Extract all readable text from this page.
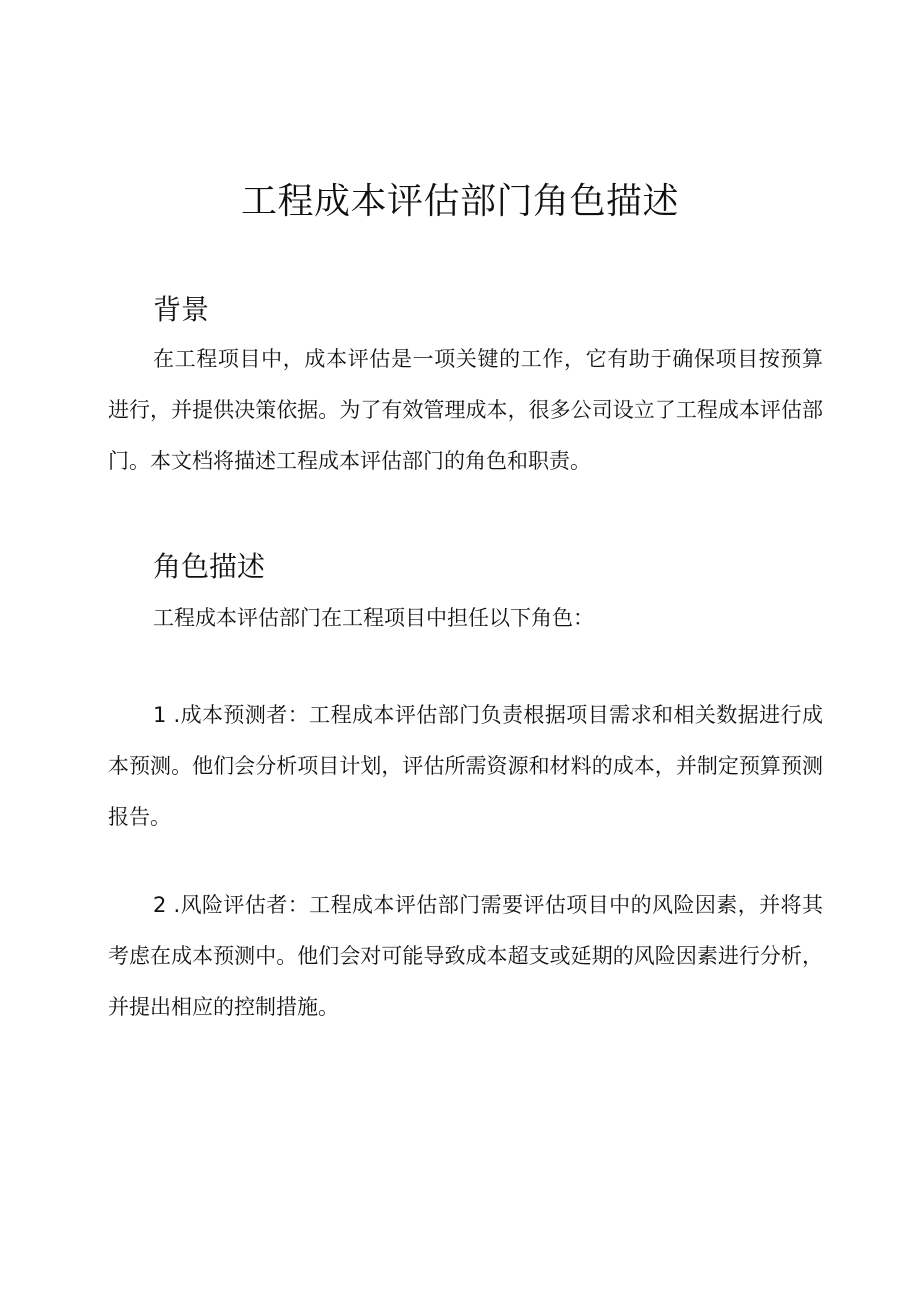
工程成本评估部门角色描述
背景

在工程项目中，成本评估是一项关键的工作，它有助于确保项目按预算进行，并提供决策依据。为了有效管理成本，很多公司设立了工程成本评估部门。本文档将描述工程成本评估部门的角色和职责。

角色描述

工程成本评估部门在工程项目中担任以下角色：

1 .成本预测者：工程成本评估部门负责根据项目需求和相关数据进行成本预测。他们会分析项目计划，评估所需资源和材料的成本，并制定预算预测报告。

2 .风险评估者：工程成本评估部门需要评估项目中的风险因素，并将其考虑在成本预测中。他们会对可能导致成本超支或延期的风险因素进行分析，并提出相应的控制措施。
